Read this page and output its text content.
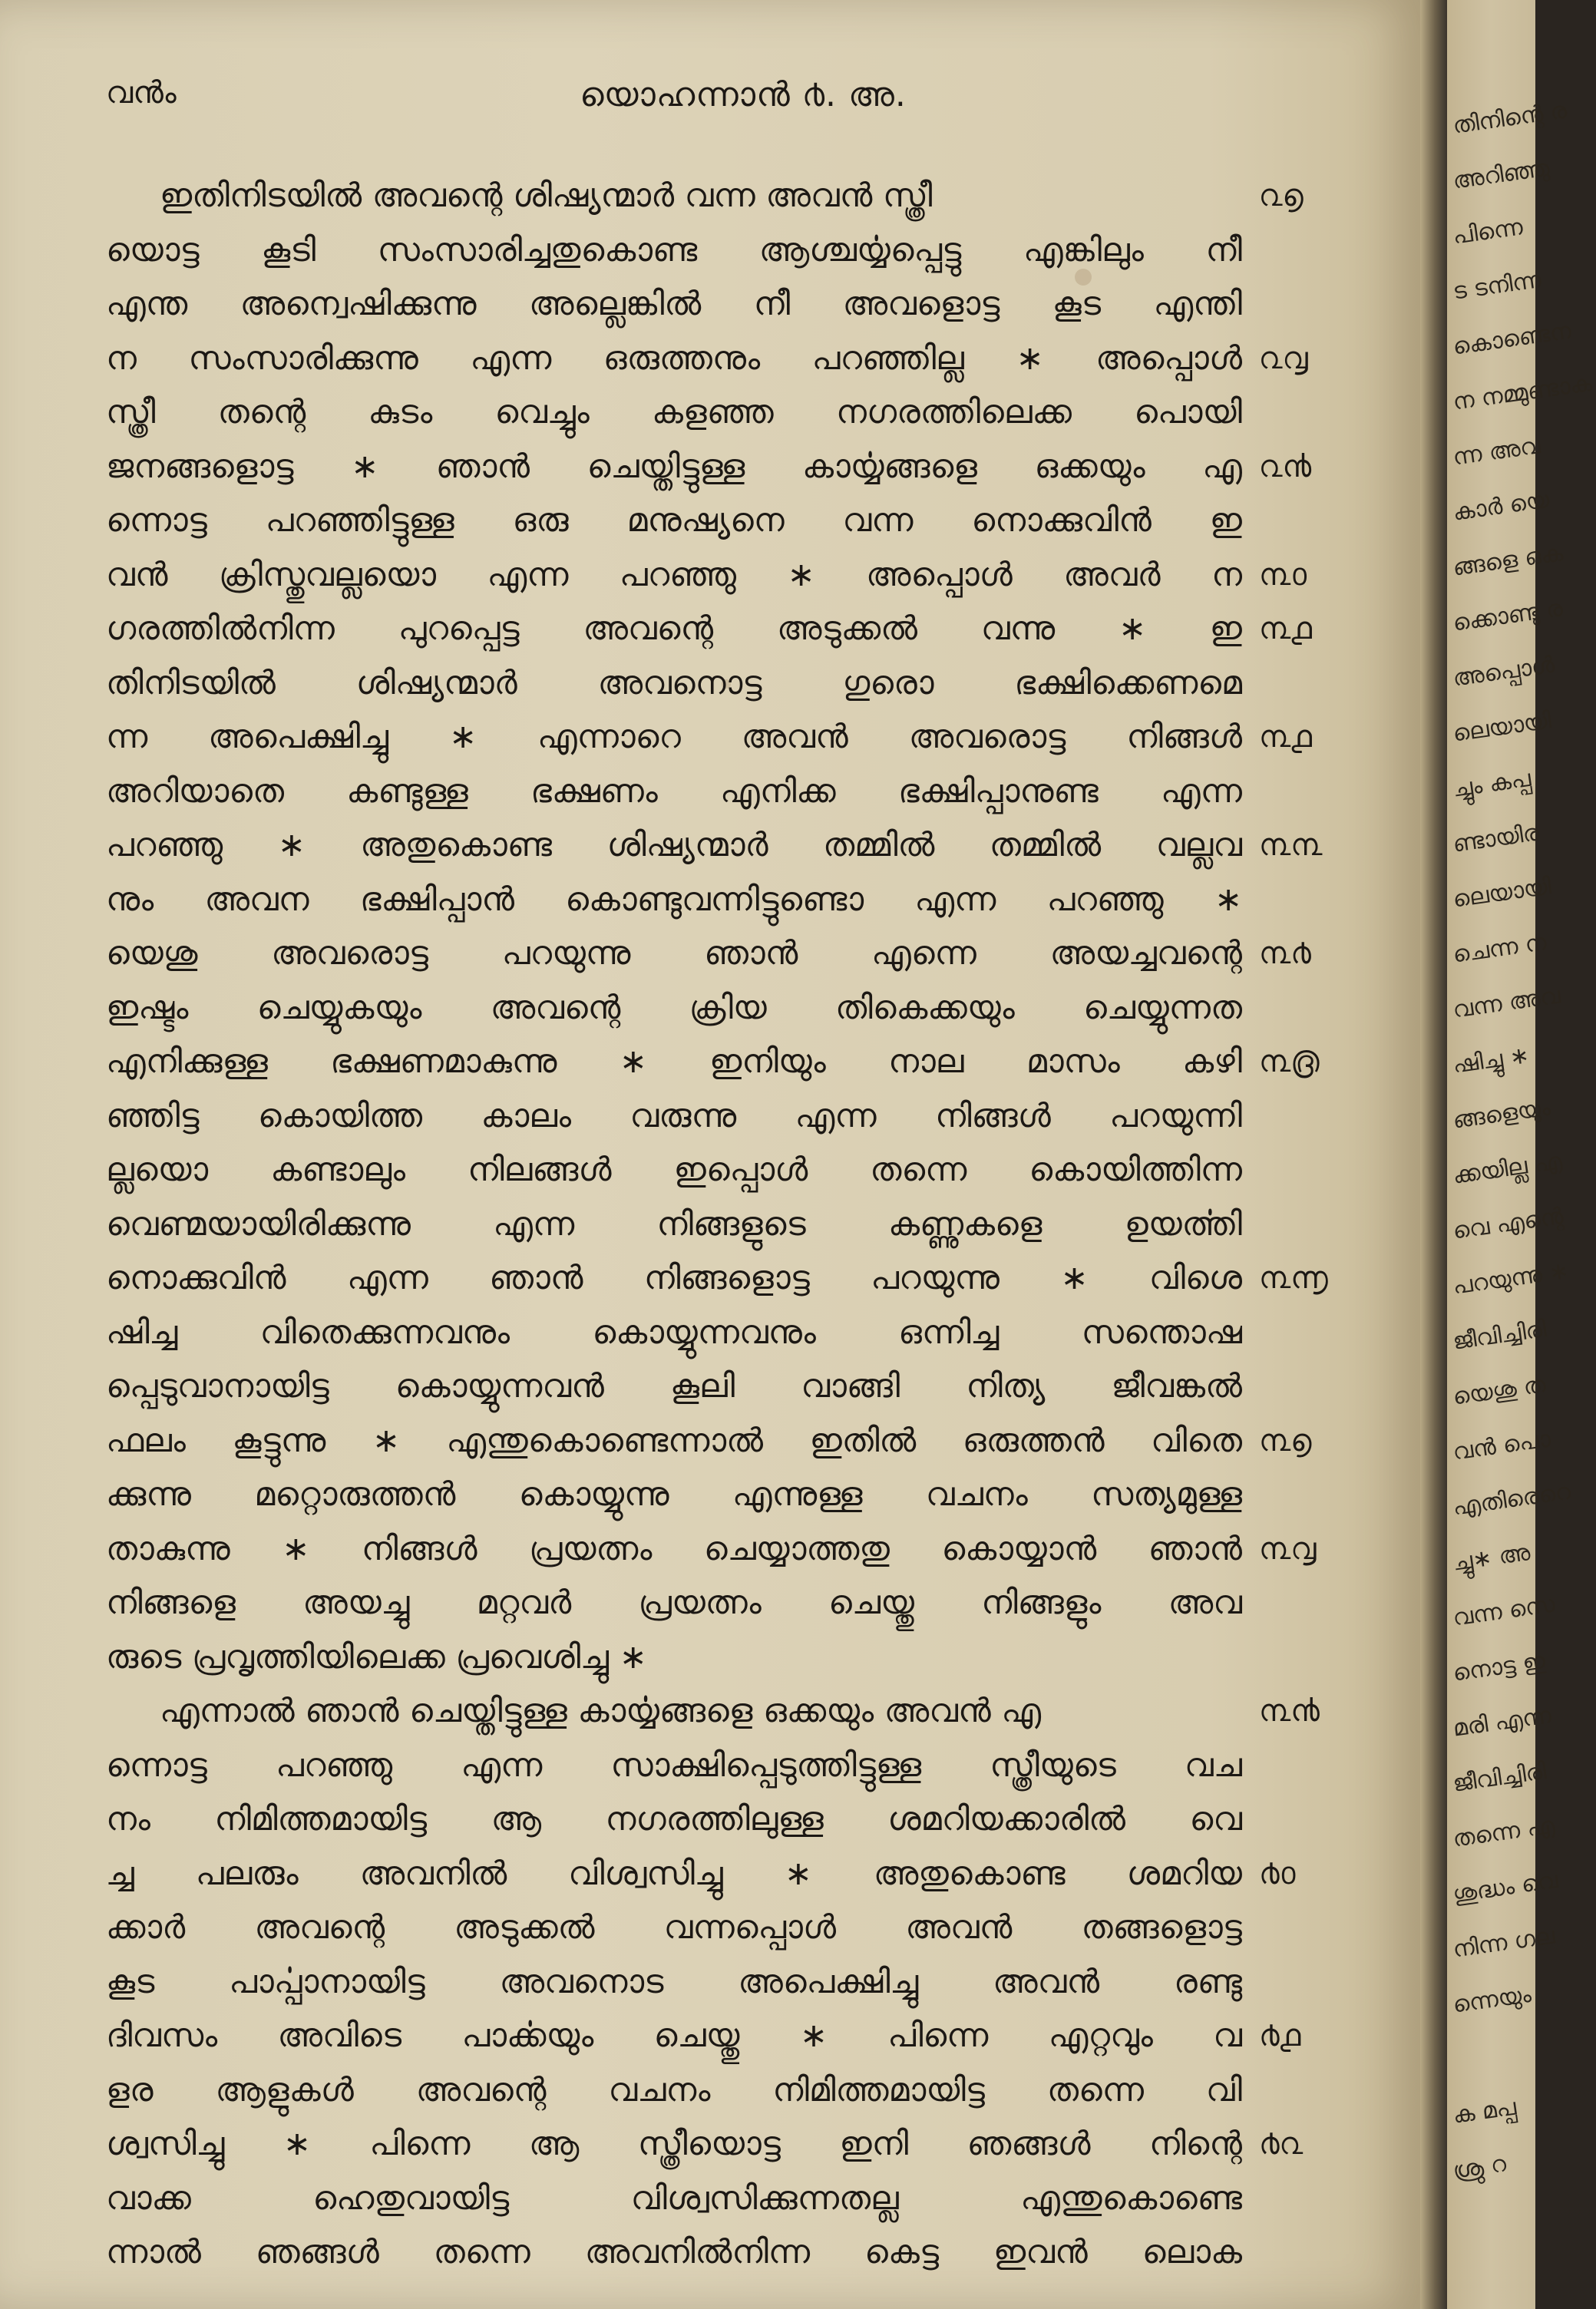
വൻം	യൊഹന്നാൻ ൪. അ.
ഇതിനിടയിൽ അവന്റെ ശിഷ്യന്മാർ വന്ന അവൻ സ്ത്രീ
യൊട്ട കൂടി സംസാരിച്ചതുകൊണ്ട ആശ്ചൎയ്യപ്പെട്ടു എങ്കിലും നീ
എന്ത അന്വെഷിക്കുന്നു അല്ലെങ്കിൽ നീ അവളൊട്ട കൂട എന്തി
ന സംസാരിക്കുന്നു എന്ന ഒരുത്തനും പറഞ്ഞില്ല ∗ അപ്പൊൾ
സ്ത്രീ തന്റെ കുടം വെച്ചും കളഞ്ഞ നഗരത്തിലെക്ക പൊയി
ജനങ്ങളൊട്ട ∗ ഞാൻ ചെയ്തിട്ടുള്ള കാൎയ്യങ്ങളെ ഒക്കയും എ
ന്നൊട്ട പറഞ്ഞിട്ടുള്ള ഒരു മനുഷ്യനെ വന്ന നൊക്കുവിൻ ഇ
വൻ ക്രിസ്തുവല്ലയൊ എന്ന പറഞ്ഞു ∗ അപ്പൊൾ അവർ ന
ഗരത്തിൽനിന്ന പുറപ്പെട്ട അവന്റെ അടുക്കൽ വന്നു ∗ ഇ
തിനിടയിൽ ശിഷ്യന്മാർ അവനൊട്ട ഗുരൊ ഭക്ഷിക്കെണമെ
ന്ന അപെക്ഷിച്ചു ∗ എന്നാറെ അവൻ അവരൊട്ട നിങ്ങൾ
അറിയാതെ കണ്ടുള്ള ഭക്ഷണം എനിക്ക ഭക്ഷിപ്പാനുണ്ട എന്ന
പറഞ്ഞു ∗ അതുകൊണ്ട ശിഷ്യന്മാർ തമ്മിൽ തമ്മിൽ വല്ലവ
നും അവന ഭക്ഷിപ്പാൻ കൊണ്ടുവന്നിട്ടുണ്ടൊ എന്ന പറഞ്ഞു ∗
യെശു അവരൊട്ട പറയുന്നു ഞാൻ എന്നെ അയച്ചവന്റെ
ഇഷ്ടം ചെയ്യുകയും അവന്റെ ക്രിയ തികെക്കയും ചെയ്യുന്നത
എനിക്കുള്ള ഭക്ഷണമാകുന്നു ∗ ഇനിയും നാല മാസം കഴി
ഞ്ഞിട്ട കൊയിത്ത കാലം വരുന്നു എന്ന നിങ്ങൾ പറയുന്നി
ല്ലയൊ കണ്ടാലും നിലങ്ങൾ ഇപ്പൊൾ തന്നെ കൊയിത്തിന്ന
വെണ്മയായിരിക്കുന്നു എന്ന നിങ്ങളുടെ കണ്ണുകളെ ഉയൎത്തി
നൊക്കുവിൻ എന്ന ഞാൻ നിങ്ങളൊട്ട പറയുന്നു ∗ വിശെ
ഷിച്ച വിതെക്കുന്നവനും കൊയ്യുന്നവനും ഒന്നിച്ച സന്തൊഷ
പ്പെടുവാനായിട്ട കൊയ്യുന്നവൻ കൂലി വാങ്ങി നിത്യ ജീവങ്കൽ
ഫലം കൂട്ടുന്നു ∗ എന്തുകൊണ്ടെന്നാൽ ഇതിൽ ഒരുത്തൻ വിതെ
ക്കുന്നു മറ്റൊരുത്തൻ കൊയ്യുന്നു എന്നുള്ള വചനം സത്യമുള്ള
താകുന്നു ∗ നിങ്ങൾ പ്രയത്നം ചെയ്യാത്തതു കൊയ്യാൻ ഞാൻ
നിങ്ങളെ അയച്ചു മറ്റവർ പ്രയത്നം ചെയ്തു നിങ്ങളും അവ
രുടെ പ്രവൃത്തിയിലെക്ക പ്രവെശിച്ചു ∗
എന്നാൽ ഞാൻ ചെയ്തിട്ടുള്ള കാൎയ്യങ്ങളെ ഒക്കയും അവൻ എ
ന്നൊട്ട പറഞ്ഞു എന്ന സാക്ഷിപ്പെടുത്തിട്ടുള്ള സ്ത്രീയുടെ വച
നം നിമിത്തമായിട്ട ആ നഗരത്തിലുള്ള ശമറിയക്കാരിൽ വെ
ച്ച പലരും അവനിൽ വിശ്വസിച്ചു ∗ അതുകൊണ്ട ശമറിയ
ക്കാർ അവന്റെ അടുക്കൽ വന്നപ്പൊൾ അവൻ തങ്ങളൊട്ട
കൂട പാൎപ്പാനായിട്ട അവനൊട അപെക്ഷിച്ചു അവൻ രണ്ടു
ദിവസം അവിടെ പാൎക്കയും ചെയ്തു ∗ പിന്നെ എറ്റവും വ
ളര ആളുകൾ അവന്റെ വചനം നിമിത്തമായിട്ട തന്നെ വി
ശ്വസിച്ചു ∗ പിന്നെ ആ സ്ത്രീയൊട്ട ഇനി ഞങ്ങൾ നിന്റെ
വാക്ക ഹെതുവായിട്ട വിശ്വസിക്കുന്നതല്ല എന്തുകൊണ്ടെ
ന്നാൽ ഞങ്ങൾ തന്നെ അവനിൽനിന്ന കെട്ട ഇവൻ ലൊക
൨൭
൨൮
൨൯
൩൦
൩൧
൩൧
൩൩
൩൪
൩൫
൩൬
൩൭
൩൮
൩൯
൪൦
൪൧
൪൨
തിനിന്റെ ര
അറിഞ്ഞു
പിന്നെ
ട ടനിന്ന
കൊണ്ടെന
ന നമ്മുണ്ടാക
ന്ന അവ
കാർ യെ
ങ്ങളെ ഒക
ക്കൊണ്ടു ര
അപ്പൊൾ
ലെയായി
ച്ചും കപ്പ
ണ്ടായിര
ലെയായി
ചെന്ന ന
വന്ന അവ
ഷിച്ചു ∗
ങ്ങളെയും
ക്കയില്ല എ
വെ എന്റെ
പറയുന്നു ∗
ജീവിച്ചിരി
യെശു ത
വൻ പൊ
എതിരെറെ
ച്ചു∗ അ
വന്ന സെ
നൊട്ട ഇ
മരി എന്ന
ജീവിച്ചിരി
തന്നെ എ
ശുദ്ധം വെ
നിന്ന ഗല
ന്നെയും
ക മപ്പ
ശ്രു റ
